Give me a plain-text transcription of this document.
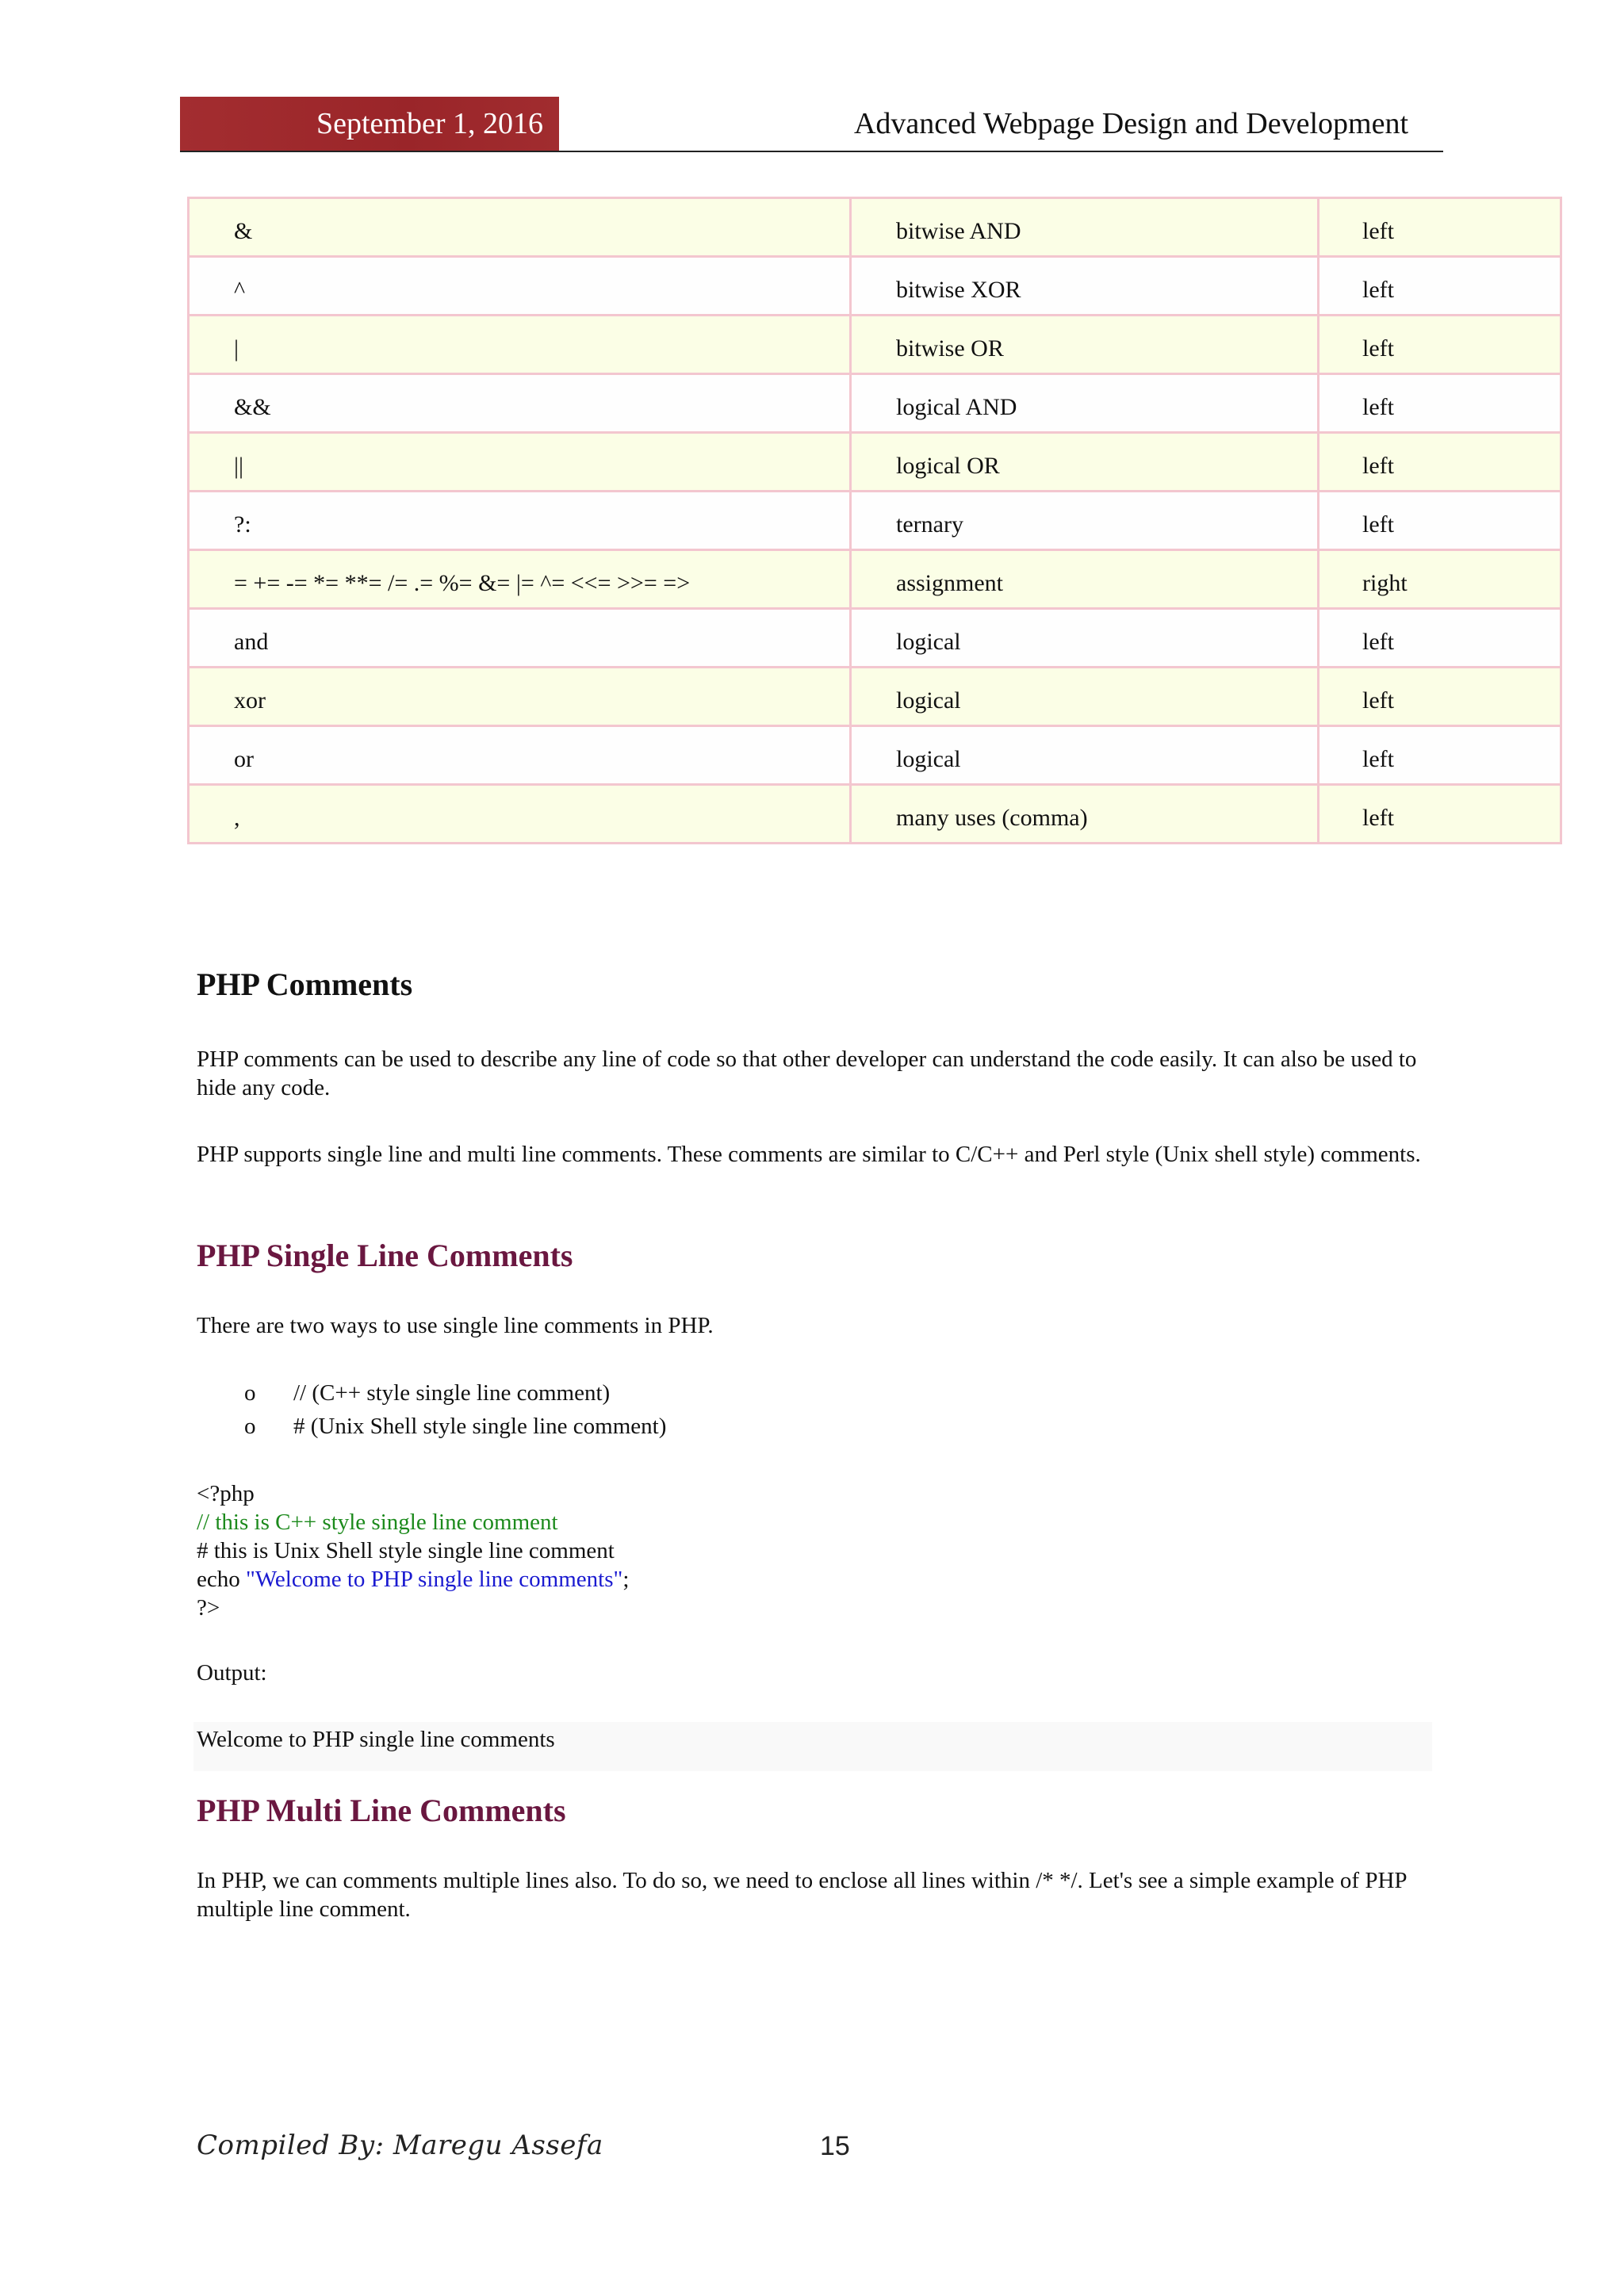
September 1, 2016	Advanced Webpage Design and Development
&	bitwise AND	left
^	bitwise XOR	left
|	bitwise OR	left
&&	logical AND	left
||	logical OR	left
?:	ternary	left
= += -= *= **= /= .= %= &= |= ^= <<= >>= =>	assignment	right
and	logical	left
xor	logical	left
or	logical	left
,	many uses (comma)	left
PHP Comments

PHP comments can be used to describe any line of code so that other developer can understand the code easily. It can also be used to hide any code.

PHP supports single line and multi line comments. These comments are similar to C/C++ and Perl style (Unix shell style) comments.

PHP Single Line Comments

There are two ways to use single line comments in PHP.

o	// (C++ style single line comment)
o	# (Unix Shell style single line comment)
<?php
// this is C++ style single line comment
# this is Unix Shell style single line comment
echo "Welcome to PHP single line comments";
?>

Output:

Welcome to PHP single line comments
PHP Multi Line Comments

In PHP, we can comments multiple lines also. To do so, we need to enclose all lines within /* */. Let's see a simple example of PHP multiple line comment.

Compiled By: Maregu Assefa	15
